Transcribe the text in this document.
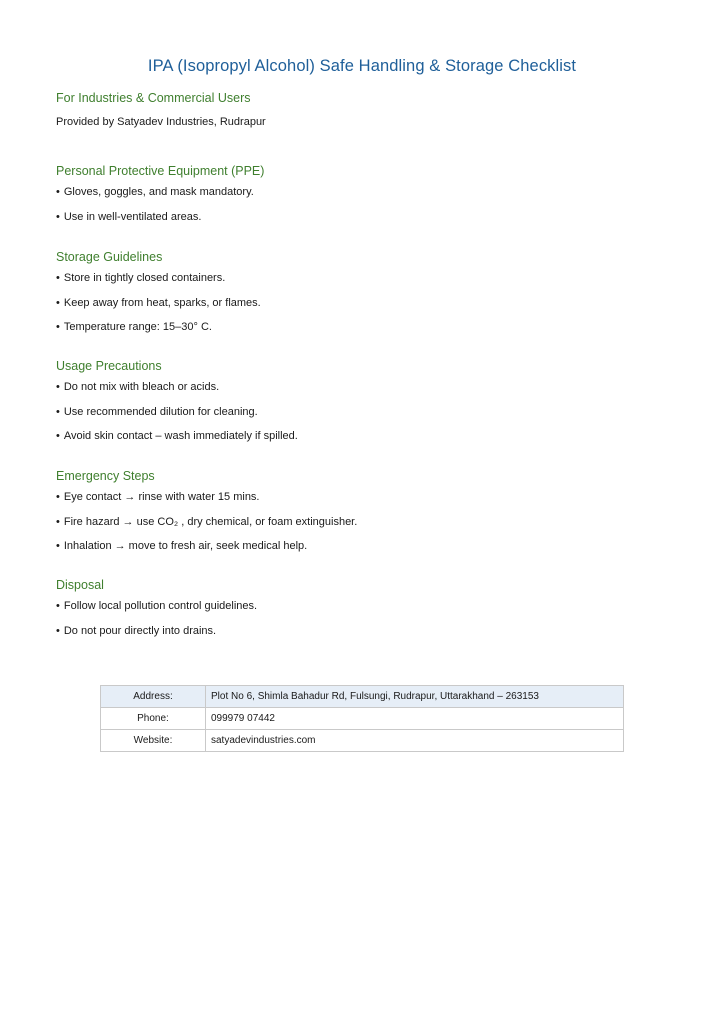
IPA (Isopropyl Alcohol) Safe Handling & Storage Checklist
For Industries & Commercial Users
Provided by Satyadev Industries, Rudrapur
Personal Protective Equipment (PPE)
• Gloves, goggles, and mask mandatory.
• Use in well-ventilated areas.
Storage Guidelines
• Store in tightly closed containers.
• Keep away from heat, sparks, or flames.
• Temperature range: 15–30° C.
Usage Precautions
• Do not mix with bleach or acids.
• Use recommended dilution for cleaning.
• Avoid skin contact – wash immediately if spilled.
Emergency Steps
• Eye contact → rinse with water 15 mins.
• Fire hazard → use CO₂ , dry chemical, or foam extinguisher.
• Inhalation → move to fresh air, seek medical help.
Disposal
• Follow local pollution control guidelines.
• Do not pour directly into drains.
Address:	Plot No 6, Shimla Bahadur Rd, Fulsungi, Rudrapur, Uttarakhand – 263153
Phone:	099979 07442
Website:	satyadevindustries.com
